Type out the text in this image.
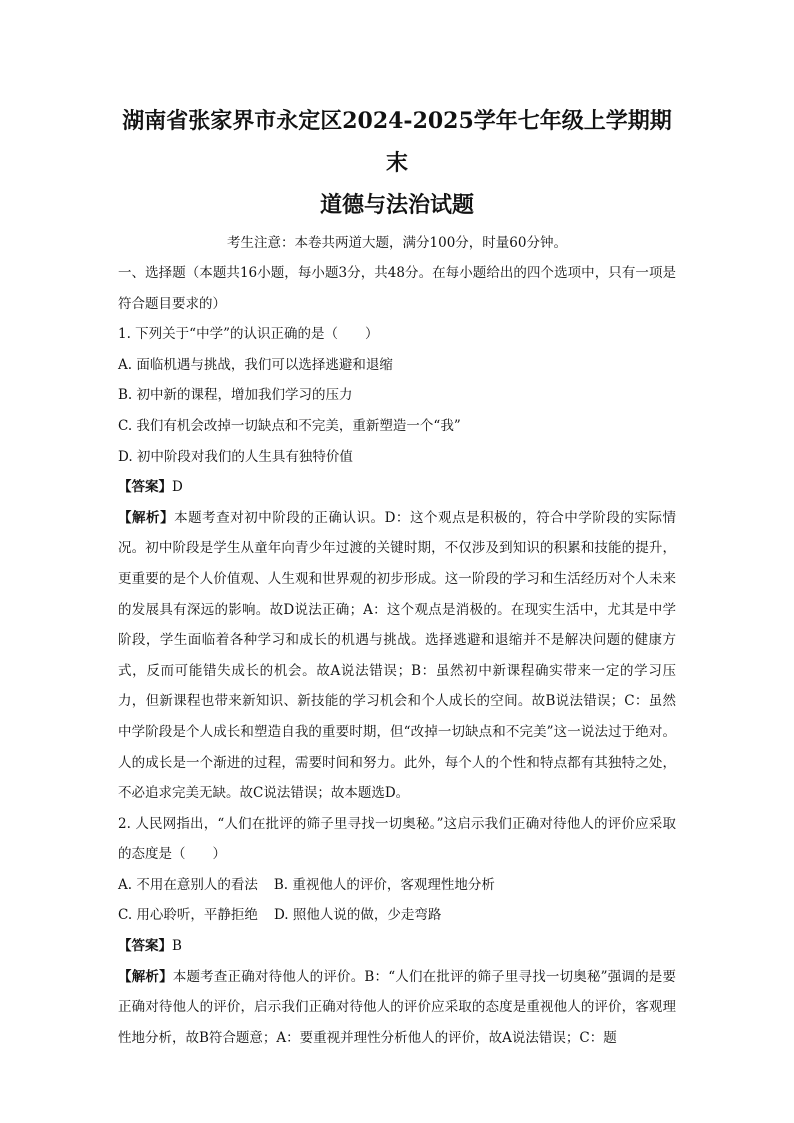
湖南省张家界市永定区2024-2025学年七年级上学期期末
道德与法治试题

考生注意：本卷共两道大题，满分100分，时量60分钟。

一、选择题（本题共16小题，每小题3分，共48分。在每小题给出的四个选项中，只有一项是符合题目要求的）

1. 下列关于“中学”的认识正确的是（　　）

A. 面临机遇与挑战，我们可以选择逃避和退缩

B. 初中新的课程，增加我们学习的压力

C. 我们有机会改掉一切缺点和不完美，重新塑造一个“我”

D. 初中阶段对我们的人生具有独特价值

【答案】D

【解析】本题考查对初中阶段的正确认识。D：这个观点是积极的，符合中学阶段的实际情况。初中阶段是学生从童年向青少年过渡的关键时期，不仅涉及到知识的积累和技能的提升，更重要的是个人价值观、人生观和世界观的初步形成。这一阶段的学习和生活经历对个人未来的发展具有深远的影响。故D说法正确；A：这个观点是消极的。在现实生活中，尤其是中学阶段，学生面临着各种学习和成长的机遇与挑战。选择逃避和退缩并不是解决问题的健康方式，反而可能错失成长的机会。故A说法错误；B：虽然初中新课程确实带来一定的学习压力，但新课程也带来新知识、新技能的学习机会和个人成长的空间。故B说法错误；C：虽然中学阶段是个人成长和塑造自我的重要时期，但“改掉一切缺点和不完美”这一说法过于绝对。人的成长是一个渐进的过程，需要时间和努力。此外，每个人的个性和特点都有其独特之处，不必追求完美无缺。故C说法错误；故本题选D。

2. 人民网指出，“人们在批评的筛子里寻找一切奥秘。”这启示我们正确对待他人的评价应采取的态度是（　　）

A. 不用在意别人的看法 B. 重视他人的评价，客观理性地分析
C. 用心聆听，平静拒绝 D. 照他人说的做，少走弯路

【答案】B

【解析】本题考查正确对待他人的评价。B：“人们在批评的筛子里寻找一切奥秘”强调的是要正确对待他人的评价，启示我们正确对待他人的评价应采取的态度是重视他人的评价，客观理性地分析，故B符合题意；A：要重视并理性分析他人的评价，故A说法错误；C：题
